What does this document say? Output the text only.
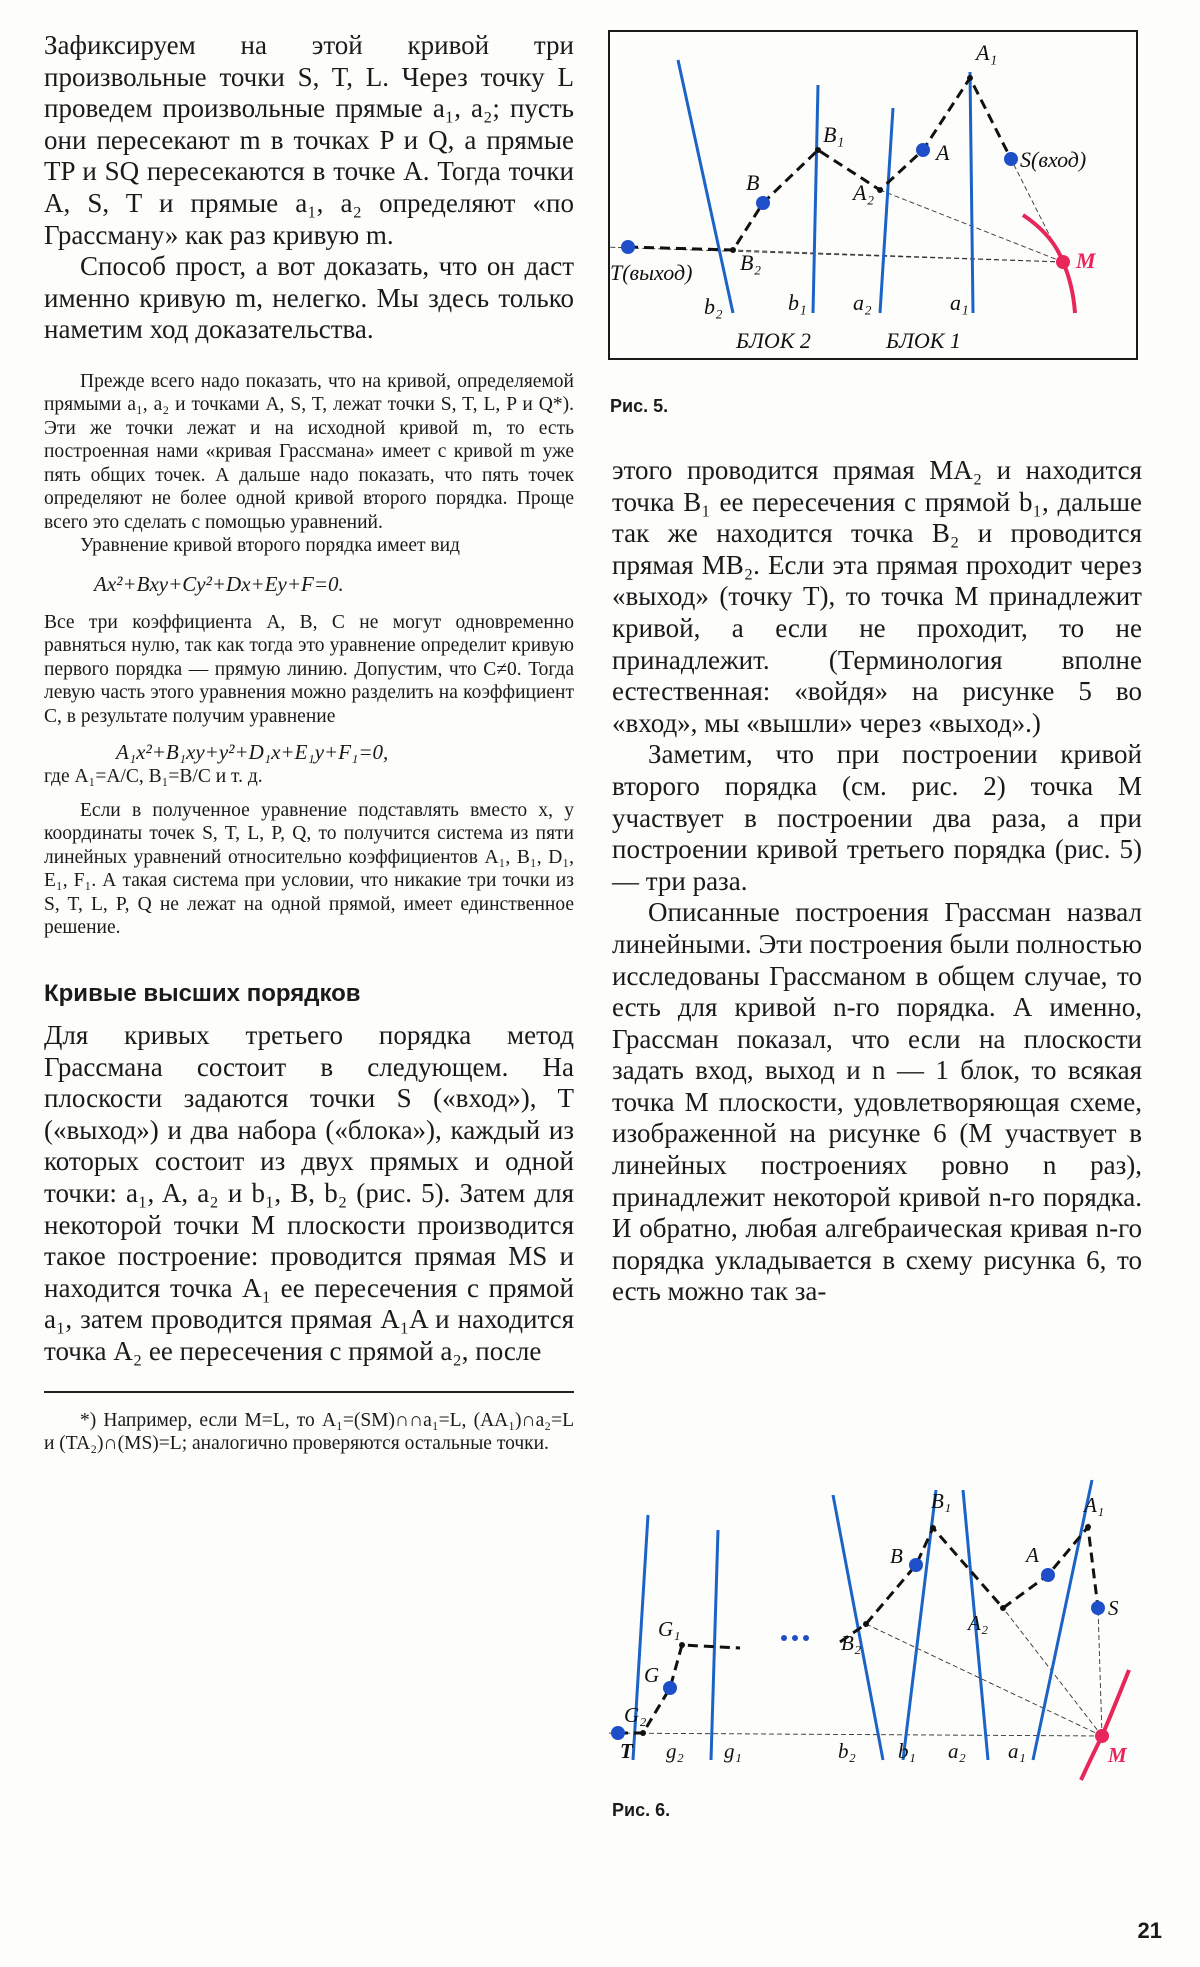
Зафиксируем на этой кривой три произвольные точки S, T, L. Через точку L проведем произвольные прямые a₁, a₂; пусть они пересекают m в точках P и Q, а прямые TP и SQ пересекаются в точке A. Тогда точки A, S, T и прямые a₁, a₂ определяют «по Грассману» как раз кривую m.

Способ прост, а вот доказать, что он даст именно кривую m, нелегко. Мы здесь только наметим ход доказательства.

Прежде всего надо показать, что на кривой, определяемой прямыми a₁, a₂ и точками A, S, T, лежат точки S, T, L, P и Q*). Эти же точки лежат и на исходной кривой m, то есть построенная нами «кривая Грассмана» имеет с кривой m уже пять общих точек. А дальше надо показать, что пять точек определяют не более одной кривой второго порядка. Проще всего это сделать с помощью уравнений.

Уравнение кривой второго порядка имеет вид

Ax²+Bxy+Cy²+Dx+Ey+F=0.

Все три коэффициента A, B, C не могут одновременно равняться нулю, так как тогда это уравнение определит кривую первого порядка — прямую линию. Допустим, что C≠0. Тогда левую часть этого уравнения можно разделить на коэффициент C, в результате получим уравнение

A₁x²+B₁xy+y²+D₁x+E₁y+F₁=0,

где A₁=A/C, B₁=B/C и т. д.

Если в полученное уравнение подставлять вместо x, y координаты точек S, T, L, P, Q, то получится система из пяти линейных уравнений относительно коэффициентов A₁, B₁, D₁, E₁, F₁. А такая система при условии, что никакие три точки из S, T, L, P, Q не лежат на одной прямой, имеет единственное решение.

Кривые высших порядков

Для кривых третьего порядка метод Грассмана состоит в следующем. На плоскости задаются точки S («вход»), T («выход») и два набора («блока»), каждый из которых состоит из двух прямых и одной точки: a₁, A, a₂ и b₁, B, b₂ (рис. 5). Затем для некоторой точки M плоскости производится такое построение: проводится прямая MS и находится точка A₁ ее пересечения с прямой a₁, затем проводится прямая A₁A и находится точка A₂ ее пересечения с прямой a₂, после

*) Например, если M=L, то A₁=(SM)∩∩a₁=L, (AA₁)∩a₂=L и (TA₂)∩(MS)=L; аналогично проверяются остальные точки.

этого проводится прямая MA₂ и находится точка B₁ ее пересечения с прямой b₁, дальше так же находится точка B₂ и проводится прямая MB₂. Если эта прямая проходит через «выход» (точку T), то точка M принадлежит кривой, а если не проходит, то не принадлежит. (Терминология вполне естественная: «войдя» на рисунке 5 во «вход», мы «вышли» через «выход».)

Заметим, что при построении кривой второго порядка (см. рис. 2) точка M участвует в построении два раза, а при построении кривой третьего порядка (рис. 5) — три раза.

Описанные построения Грассман назвал линейными. Эти построения были полностью исследованы Грассманом в общем случае, то есть для кривой n-го порядка. А именно, Грассман показал, что если на плоскости задать вход, выход и n — 1 блок, то всякая точка M плоскости, удовлетворяющая схеме, изображенной на рисунке 6 (M участвует в линейных построениях ровно n раз), принадлежит некоторой кривой n-го порядка. И обратно, любая алгебраическая кривая n-го порядка укладывается в схему рисунка 6, то есть можно так за-

A₁
A	S(вход)
B₁
B	A₂
M
T(выход) B₂
b₂	b₁ a₂	a₁
БЛОК 2	БЛОК 1
Рис. 5.
B₁
B	A
A₁
G₁	A₂
S
G
B₂
G₂
M
T g₂ g₁	b₂ b₁ a₂ a₁
Рис. 6.
21
